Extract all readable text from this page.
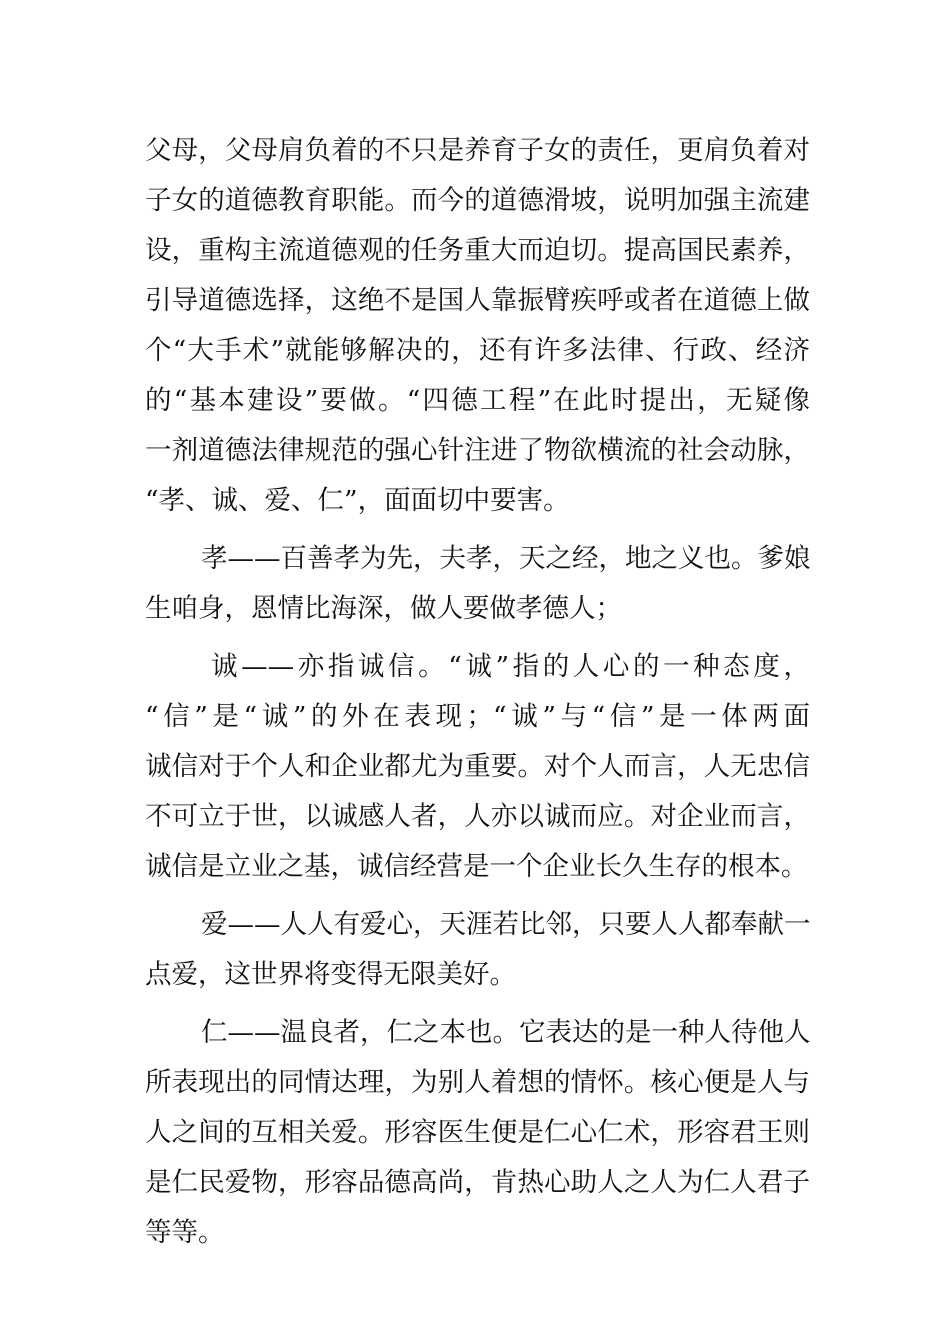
父母，父母肩负着的不只是养育子女的责任，更肩负着对
子女的道德教育职能。而今的道德滑坡，说明加强主流建
设，重构主流道德观的任务重大而迫切。提高国民素养，
引导道德选择，这绝不是国人靠振臂疾呼或者在道德上做
个“大手术”就能够解决的，还有许多法律、行政、经济
的“基本建设”要做。“四德工程”在此时提出，无疑像
一剂道德法律规范的强心针注进了物欲横流的社会动脉，
“孝、诚、爱、仁”，面面切中要害。
孝——百善孝为先，夫孝，天之经，地之义也。爹娘
生咱身，恩情比海深，做人要做孝德人；
诚——亦指诚信。“诚”指的人心的一种态度，
“信”是“诚”的外在表现；“诚”与“信”是一体两面
诚信对于个人和企业都尤为重要。对个人而言，人无忠信
不可立于世，以诚感人者，人亦以诚而应。对企业而言，
诚信是立业之基，诚信经营是一个企业长久生存的根本。
爱——人人有爱心，天涯若比邻，只要人人都奉献一
点爱，这世界将变得无限美好。
仁——温良者，仁之本也。它表达的是一种人待他人
所表现出的同情达理，为别人着想的情怀。核心便是人与
人之间的互相关爱。形容医生便是仁心仁术，形容君王则
是仁民爱物，形容品德高尚，肯热心助人之人为仁人君子
等等。
